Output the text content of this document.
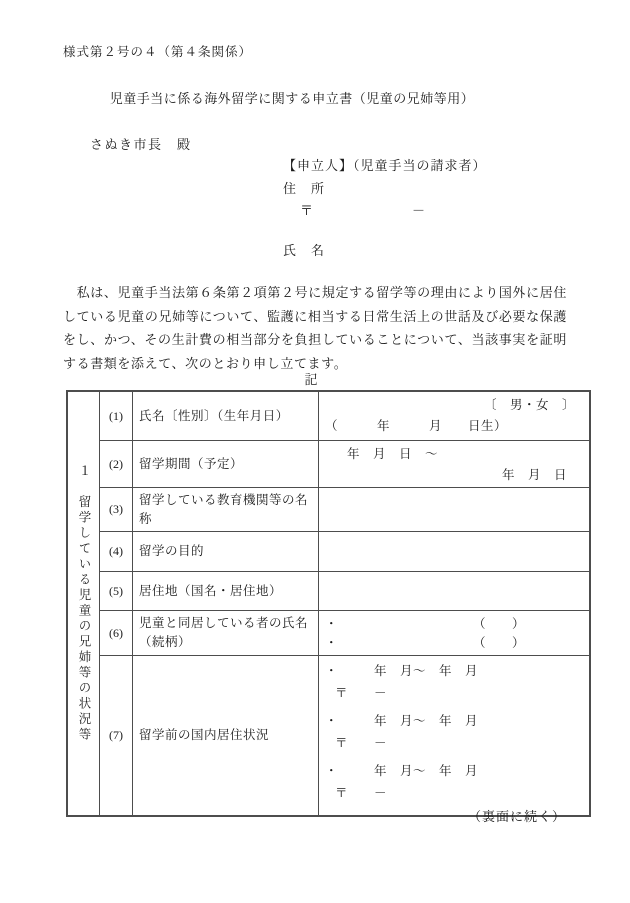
様式第２号の４（第４条関係）
児童手当に係る海外留学に関する申立書（児童の兄姉等用）
さぬき市長　殿
【申立人】（児童手当の請求者）
住　所
〒　　　　　　　－
氏　名
　私は、児童手当法第６条第２項第２号に規定する留学等の理由により国外に居住している児童の兄姉等について、監護に相当する日常生活上の世話及び必要な保護をし、かつ、その生計費の相当部分を負担していることについて、当該事実を証明する書類を添えて、次のとおり申し立てます。
記
１　留学している児童の兄姉等の状況等	(1)	氏名〔性別〕（生年月日）	〔　男・女　〕
（　　　年　　　月　　日生）

	(2)	留学期間（予定）	年　月　日　～
年　月　日

	(3)	留学している教育機関等の名称	
	(4)	留学の目的	
	(5)	居住地（国名・居住地）	
	(6)	児童と同居している者の氏名（続柄）	・ （　　）
・ （　　）

(7)	留学前の国内居住状況	
・	年　月～　年　月
〒　　－
・	年　月～　年　月
〒　　－
・	年　月～　年　月
〒　　－
（裏面に続く）
